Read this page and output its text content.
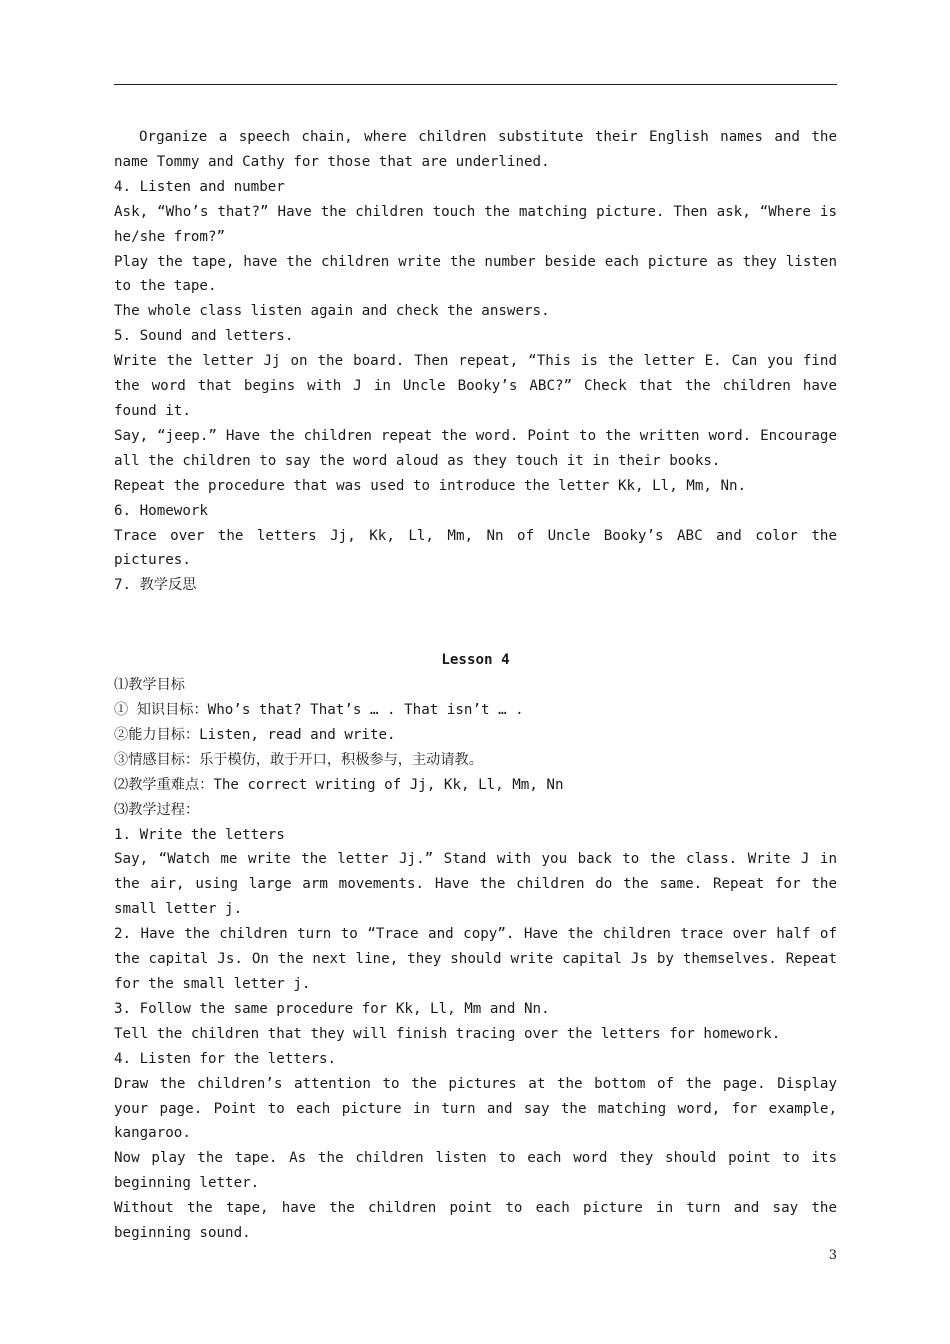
Organize a speech chain, where children substitute their English names and the name Tommy and Cathy for those that are underlined.

4. Listen and number

Ask, “Who’s that?” Have the children touch the matching picture. Then ask, “Where is he/she from?”

Play the tape, have the children write the number beside each picture as they listen to the tape.

The whole class listen again and check the answers.

5. Sound and letters.

Write the letter Jj on the board. Then repeat, “This is the letter E. Can you find the word that begins with J in Uncle Booky’s ABC?” Check that the children have found it.

Say, “jeep.” Have the children repeat the word. Point to the written word. Encourage all the children to say the word aloud as they touch it in their books.

Repeat the procedure that was used to introduce the letter Kk, Ll, Mm, Nn.

6. Homework

Trace over the letters Jj, Kk, Ll, Mm, Nn of Uncle Booky’s ABC and color the pictures.

7. 教学反思

Lesson 4

⑴教学目标

① 知识目标：Who’s that? That’s … . That isn’t … .

②能力目标：Listen, read and write.

③情感目标：乐于模仿，敢于开口，积极参与，主动请教。

⑵教学重难点：The correct writing of Jj, Kk, Ll, Mm, Nn

⑶教学过程：

1. Write the letters

Say, “Watch me write the letter Jj.” Stand with you back to the class. Write J in the air, using large arm movements. Have the children do the same. Repeat for the small letter j.

2. Have the children turn to “Trace and copy”. Have the children trace over half of the capital Js. On the next line, they should write capital Js by themselves. Repeat for the small letter j.

3. Follow the same procedure for Kk, Ll, Mm and Nn.

Tell the children that they will finish tracing over the letters for homework.

4. Listen for the letters.

Draw the children’s attention to the pictures at the bottom of the page. Display your page. Point to each picture in turn and say the matching word, for example, kangaroo.

Now play the tape. As the children listen to each word they should point to its beginning letter.

Without the tape, have the children point to each picture in turn and say the beginning sound.

3
